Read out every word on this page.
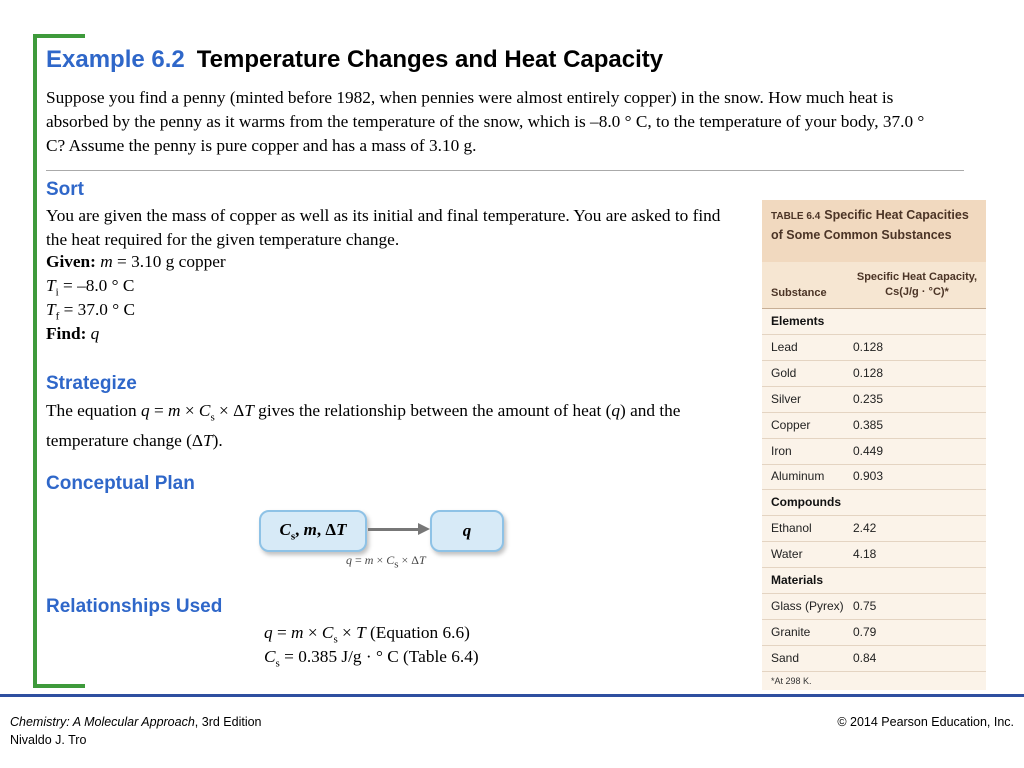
Example 6.2 Temperature Changes and Heat Capacity
Suppose you find a penny (minted before 1982, when pennies were almost entirely copper) in the snow. How much heat is absorbed by the penny as it warms from the temperature of the snow, which is –8.0 ° C, to the temperature of your body, 37.0 ° C? Assume the penny is pure copper and has a mass of 3.10 g.
Sort
You are given the mass of copper as well as its initial and final temperature. You are asked to find the heat required for the given temperature change.
Given: m = 3.10 g copper
$T_i = -8.0$ ° C
$T_f = 37.0$ ° C
Find: q
Strategize
The equation $q = m \times C_s \times \Delta T$ gives the relationship between the amount of heat (q) and the temperature change (ΔT).
Conceptual Plan
$C_s$, m, ΔT	q
$q = m \times C_s \times \Delta T$
Relationships Used
$q = m \times C_s \times T$ (Equation 6.6)
$C_s = 0.385$ J/g · ° C (Table 6.4)
TABLE 6.4 Specific Heat Capacities of Some Common Substances
Substance
Specific Heat Capacity, Cs(J/g · °C)*
Elements
Lead	0.128
Gold	0.128
Silver	0.235
Copper	0.385
Iron	0.449
Aluminum 0.903
Compounds
Ethanol	2.42
Water	4.18
Materials
Glass (Pyrex) 0.75
Granite	0.79
Sand	0.84
*At 298 K.
Chemistry: A Molecular Approach, 3rd Edition
Nivaldo J. Tro
© 2014 Pearson Education, Inc.
